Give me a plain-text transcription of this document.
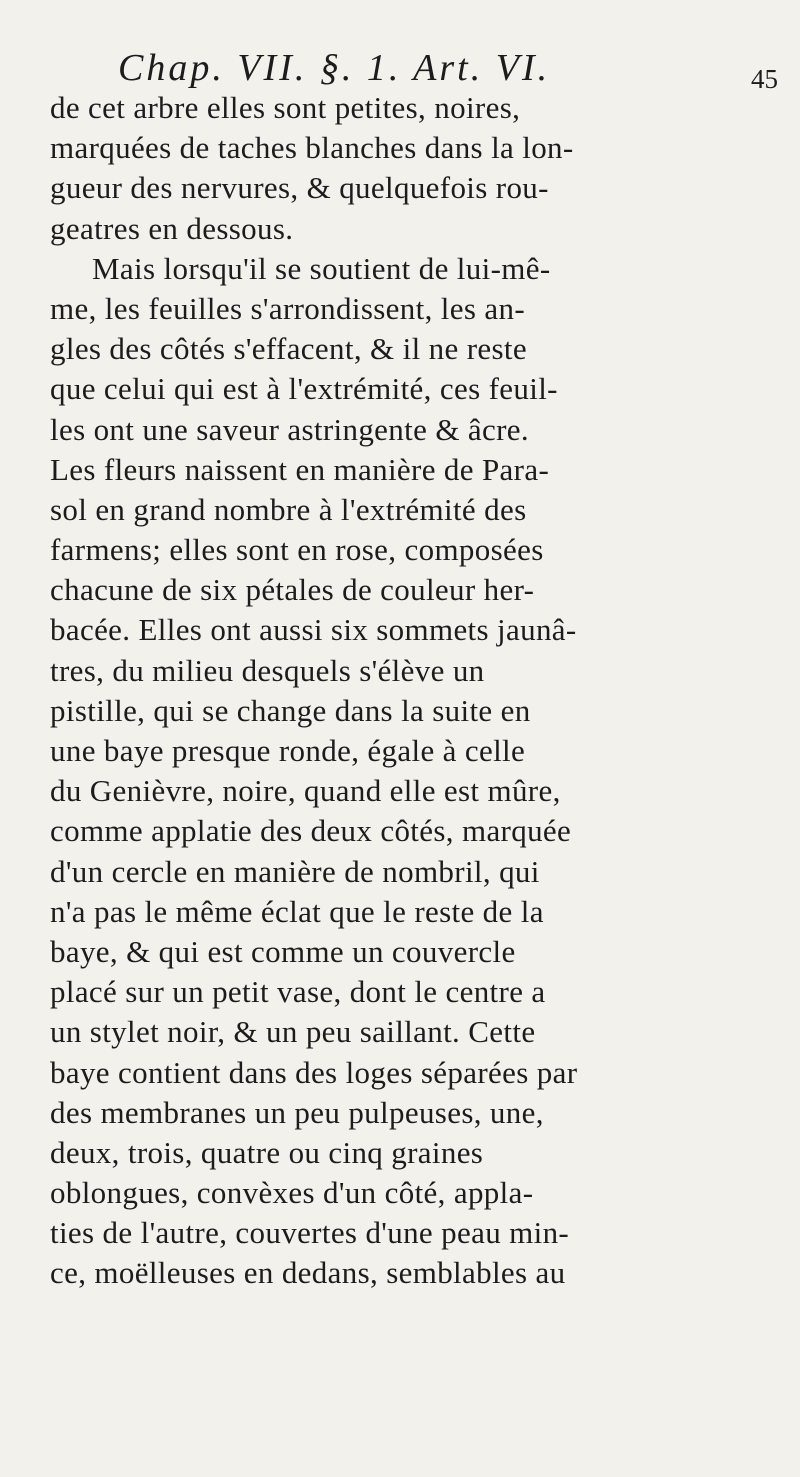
Chap. VII. §. 1. Art. VI.	45
de cet arbre elles sont petites, noires,
marquées de taches blanches dans la lon-
gueur des nervures, & quelquefois rou-
geatres en dessous.
Mais lorsqu'il se soutient de lui-mê-
me, les feuilles s'arrondissent, les an-
gles des côtés s'effacent, & il ne reste
que celui qui est à l'extrémité, ces feuil-
les ont une saveur astringente & âcre.
Les fleurs naissent en manière de Para-
sol en grand nombre à l'extrémité des
farmens; elles sont en rose, composées
chacune de six pétales de couleur her-
bacée. Elles ont aussi six sommets jaunâ-
tres, du milieu desquels s'élève un
pistille, qui se change dans la suite en
une baye presque ronde, égale à celle
du Genièvre, noire, quand elle est mûre,
comme applatie des deux côtés, marquée
d'un cercle en manière de nombril, qui
n'a pas le même éclat que le reste de la
baye, & qui est comme un couvercle
placé sur un petit vase, dont le centre a
un stylet noir, & un peu saillant. Cette
baye contient dans des loges séparées par
des membranes un peu pulpeuses, une,
deux, trois, quatre ou cinq graines
oblongues, convèxes d'un côté, appla-
ties de l'autre, couvertes d'une peau min-
ce, moëlleuses en dedans, semblables au
